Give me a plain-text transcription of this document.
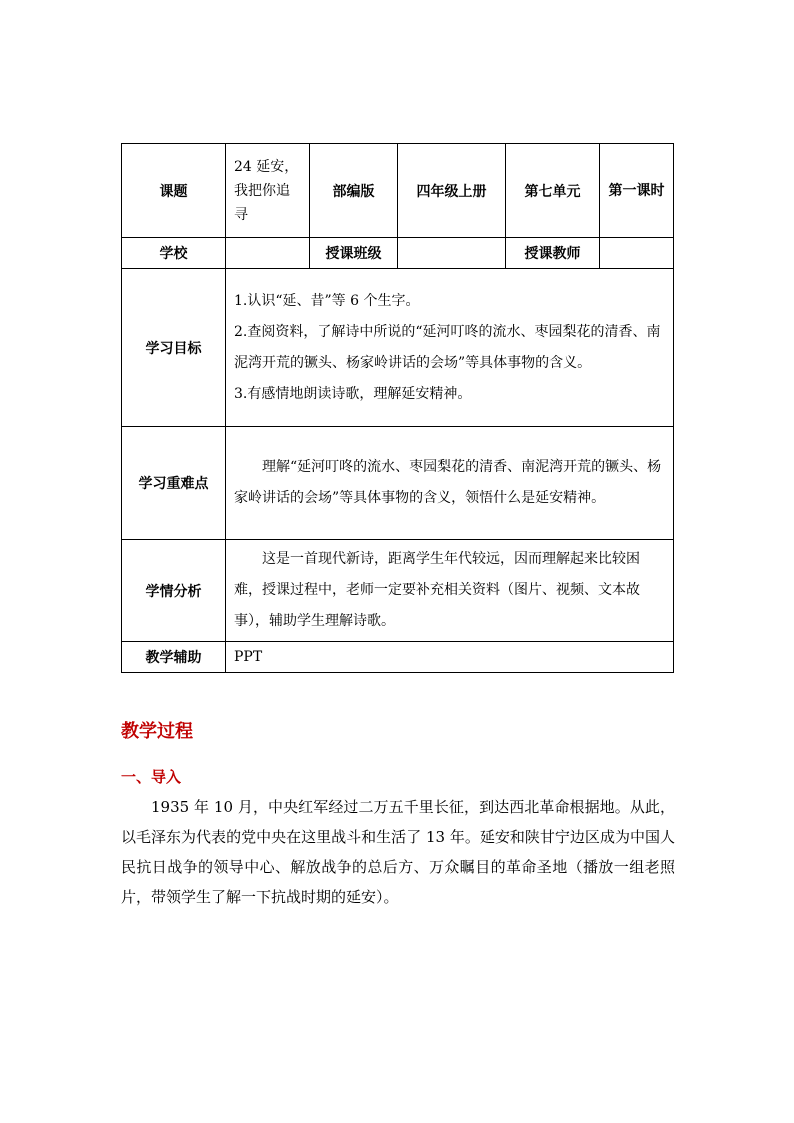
课题	24 延安，我把你追寻	部编版	四年级上册	第七单元	第一课时
学校		授课班级		授课教师	
学习目标	1.认识“延、昔”等 6 个生字。
2.查阅资料，了解诗中所说的“延河叮咚的流水、枣园梨花的清香、南泥湾开荒的镢头、杨家岭讲话的会场”等具体事物的含义。
3.有感情地朗读诗歌，理解延安精神。				

学习重难点	理解“延河叮咚的流水、枣园梨花的清香、南泥湾开荒的镢头、杨家岭讲话的会场”等具体事物的含义，领悟什么是延安精神。				
学情分析	这是一首现代新诗，距离学生年代较远，因而理解起来比较困难，授课过程中，老师一定要补充相关资料（图片、视频、文本故事），辅助学生理解诗歌。				
教学辅助	PPT				
教学过程
一、导入

1935 年 10 月，中央红军经过二万五千里长征，到达西北革命根据地。从此，以毛泽东为代表的党中央在这里战斗和生活了 13 年。延安和陕甘宁边区成为中国人民抗日战争的领导中心、解放战争的总后方、万众瞩目的革命圣地（播放一组老照片，带领学生了解一下抗战时期的延安）。
